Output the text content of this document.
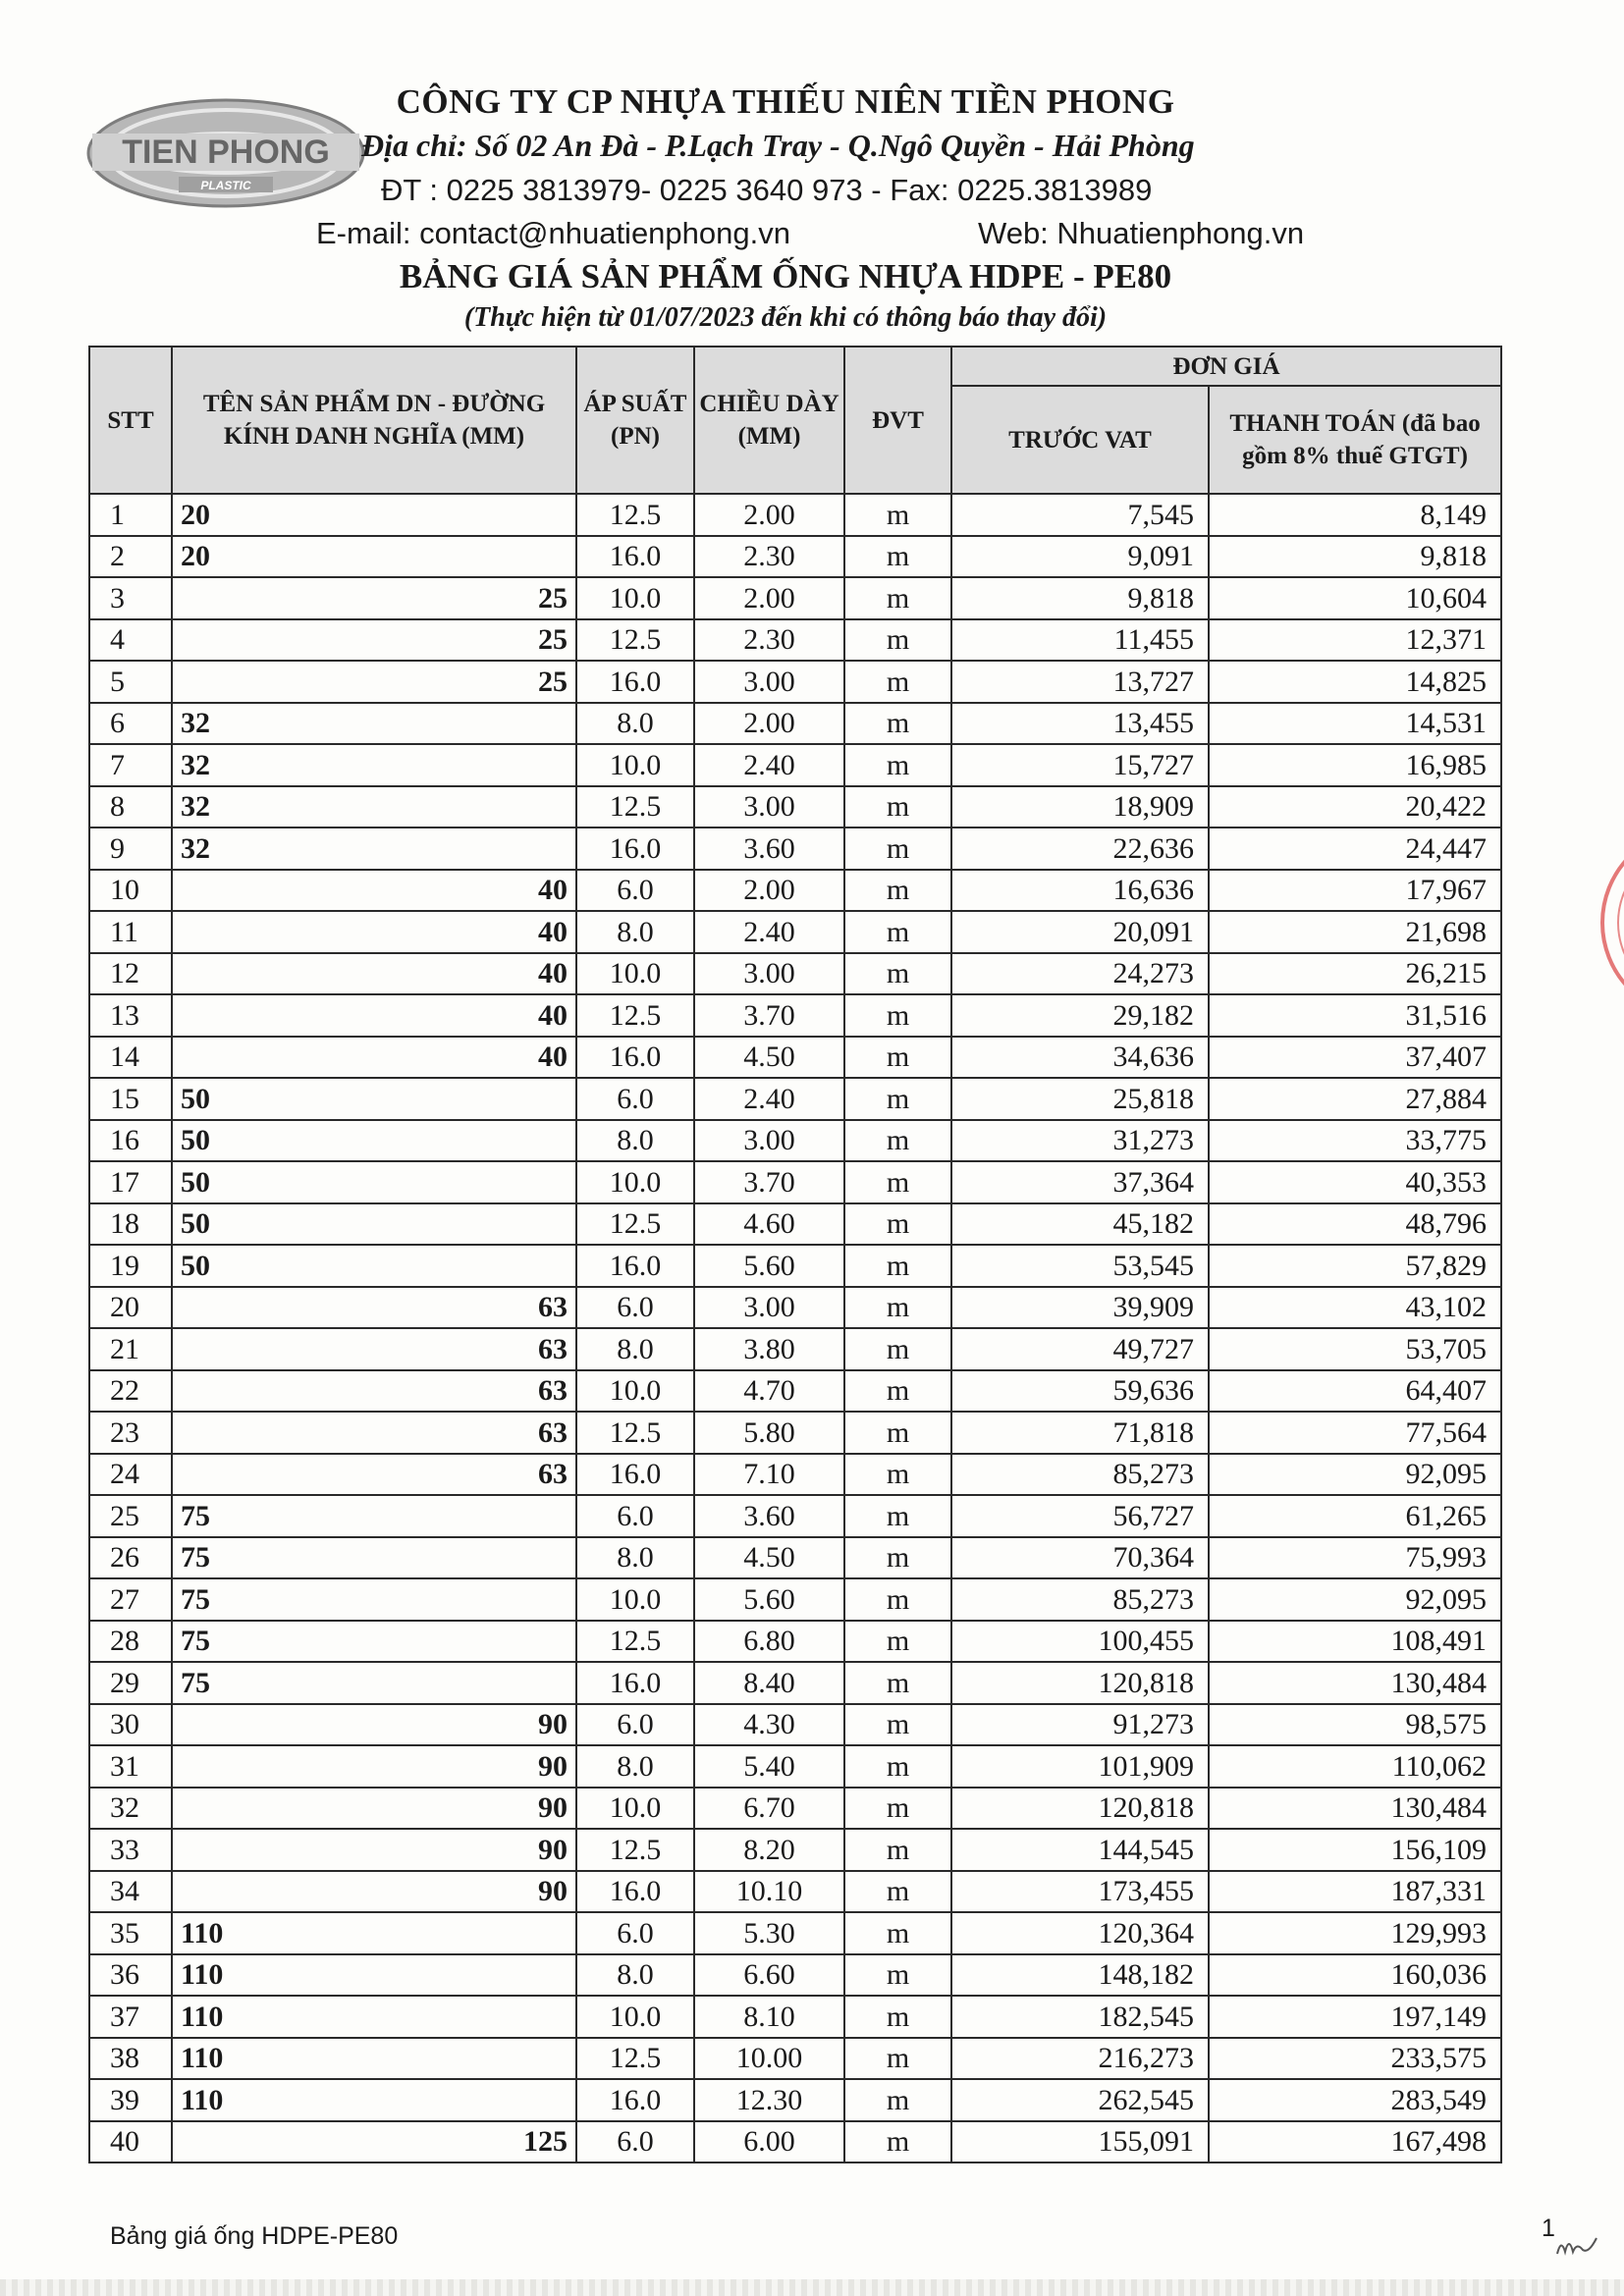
TIEN PHONG
PLASTIC
CÔNG TY CP NHỰA THIẾU NIÊN TIỀN PHONG
Địa chỉ: Số 02 An Đà - P.Lạch Tray - Q.Ngô Quyền - Hải Phòng
ĐT : 0225 3813979- 0225 3640 973 - Fax: 0225.3813989
E-mail: contact@nhuatienphong.vn	Web: Nhuatienphong.vn
BẢNG GIÁ SẢN PHẨM ỐNG NHỰA HDPE - PE80
(Thực hiện từ 01/07/2023 đến khi có thông báo thay đổi)
STT	TÊN SẢN PHẨM DN - ĐƯỜNG KÍNH DANH NGHĨA (MM)	ÁP SUẤT (PN)	CHIỀU DÀY (MM)	ĐVT	ĐƠN GIÁ	
					TRƯỚC VAT	THANH TOÁN (đã bao gồm 8% thuế GTGT)
1	20	12.5	2.00	m	7,545	8,149
2	20	16.0	2.30	m	9,091	9,818
3	25	10.0	2.00	m	9,818	10,604
4	25	12.5	2.30	m	11,455	12,371
5	25	16.0	3.00	m	13,727	14,825
6	32	8.0	2.00	m	13,455	14,531
7	32	10.0	2.40	m	15,727	16,985
8	32	12.5	3.00	m	18,909	20,422
9	32	16.0	3.60	m	22,636	24,447
10	40	6.0	2.00	m	16,636	17,967
11	40	8.0	2.40	m	20,091	21,698
12	40	10.0	3.00	m	24,273	26,215
13	40	12.5	3.70	m	29,182	31,516
14	40	16.0	4.50	m	34,636	37,407
15	50	6.0	2.40	m	25,818	27,884
16	50	8.0	3.00	m	31,273	33,775
17	50	10.0	3.70	m	37,364	40,353
18	50	12.5	4.60	m	45,182	48,796
19	50	16.0	5.60	m	53,545	57,829
20	63	6.0	3.00	m	39,909	43,102
21	63	8.0	3.80	m	49,727	53,705
22	63	10.0	4.70	m	59,636	64,407
23	63	12.5	5.80	m	71,818	77,564
24	63	16.0	7.10	m	85,273	92,095
25	75	6.0	3.60	m	56,727	61,265
26	75	8.0	4.50	m	70,364	75,993
27	75	10.0	5.60	m	85,273	92,095
28	75	12.5	6.80	m	100,455	108,491
29	75	16.0	8.40	m	120,818	130,484
30	90	6.0	4.30	m	91,273	98,575
31	90	8.0	5.40	m	101,909	110,062
32	90	10.0	6.70	m	120,818	130,484
33	90	12.5	8.20	m	144,545	156,109
34	90	16.0	10.10	m	173,455	187,331
35	110	6.0	5.30	m	120,364	129,993
36	110	8.0	6.60	m	148,182	160,036
37	110	10.0	8.10	m	182,545	197,149
38	110	12.5	10.00	m	216,273	233,575
39	110	16.0	12.30	m	262,545	283,549
40	125	6.0	6.00	m	155,091	167,498
Bảng giá ống HDPE-PE80	1
